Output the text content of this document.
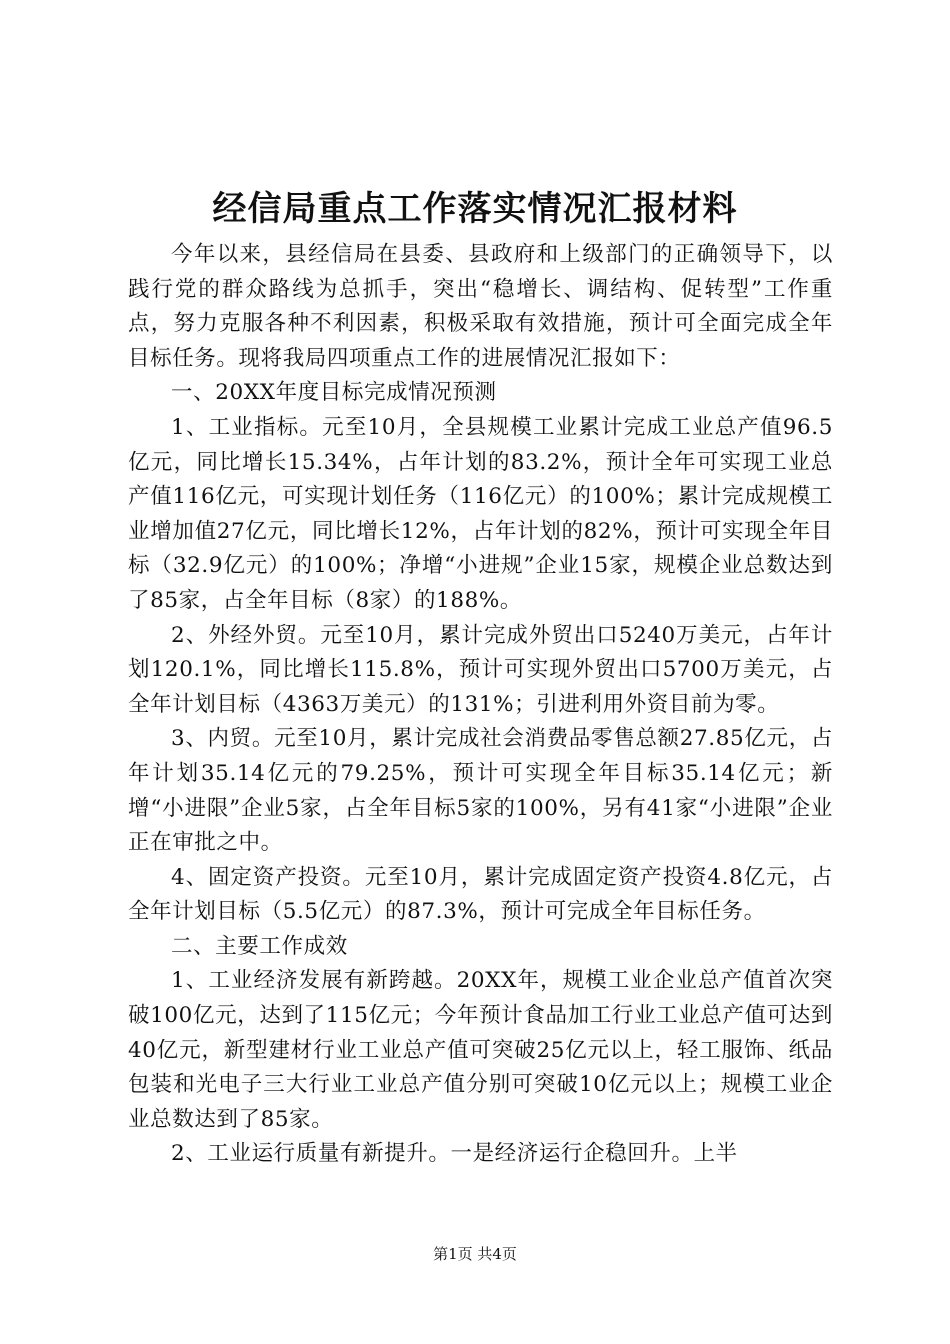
经信局重点工作落实情况汇报材料

今年以来，县经信局在县委、县政府和上级部门的正确领导下，以践行党的群众路线为总抓手，突出“稳增长、调结构、促转型”工作重点，努力克服各种不利因素，积极采取有效措施，预计可全面完成全年目标任务。现将我局四项重点工作的进展情况汇报如下：

一、20XX年度目标完成情况预测

1、工业指标。元至10月，全县规模工业累计完成工业总产值96.5亿元，同比增长15.34%，占年计划的83.2%，预计全年可实现工业总产值116亿元，可实现计划任务（116亿元）的100%；累计完成规模工业增加值27亿元，同比增长12%，占年计划的82%，预计可实现全年目标（32.9亿元）的100%；净增“小进规”企业15家，规模企业总数达到了85家，占全年目标（8家）的188%。

2、外经外贸。元至10月，累计完成外贸出口5240万美元，占年计划120.1%，同比增长115.8%，预计可实现外贸出口5700万美元，占全年计划目标（4363万美元）的131%；引进利用外资目前为零。

3、内贸。元至10月，累计完成社会消费品零售总额27.85亿元，占年计划35.14亿元的79.25%，预计可实现全年目标35.14亿元；新增“小进限”企业5家，占全年目标5家的100%，另有41家“小进限”企业正在审批之中。

4、固定资产投资。元至10月，累计完成固定资产投资4.8亿元，占全年计划目标（5.5亿元）的87.3%，预计可完成全年目标任务。

二、主要工作成效

1、工业经济发展有新跨越。20XX年，规模工业企业总产值首次突破100亿元，达到了115亿元；今年预计食品加工行业工业总产值可达到40亿元，新型建材行业工业总产值可突破25亿元以上，轻工服饰、纸品包装和光电子三大行业工业总产值分别可突破10亿元以上；规模工业企业总数达到了85家。

2、工业运行质量有新提升。一是经济运行企稳回升。上半

第1页 共4页
